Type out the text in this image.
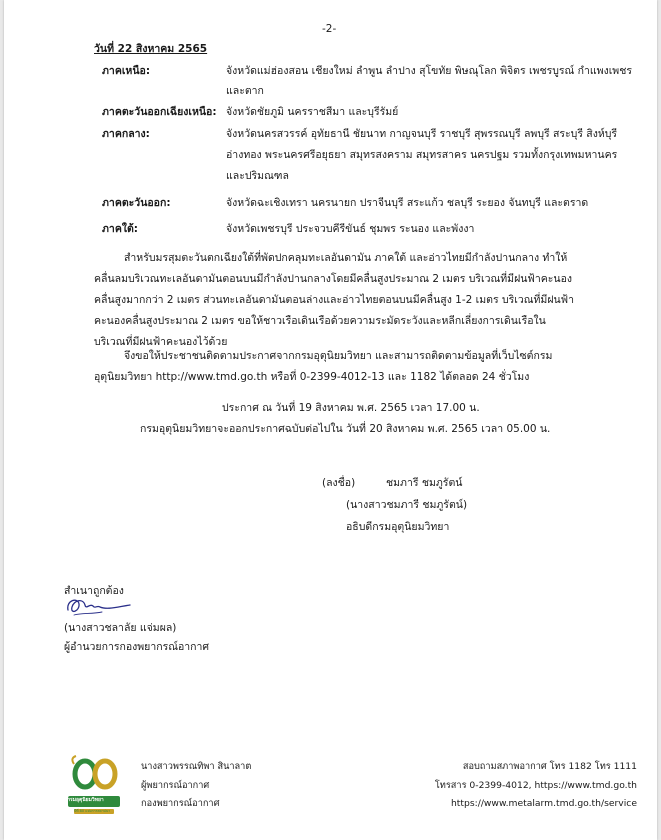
-2-
วันที่ 22 สิงหาคม 2565
ภาคเหนือ:	จังหวัดแม่ฮ่องสอน เชียงใหม่ ลำพูน ลำปาง สุโขทัย พิษณุโลก พิจิตร เพชรบูรณ์ กำแพงเพชร
และตาก
ภาคตะวันออกเฉียงเหนือ: จังหวัดชัยภูมิ นครราชสีมา และบุรีรัมย์
ภาคกลาง:	จังหวัดนครสวรรค์ อุทัยธานี ชัยนาท กาญจนบุรี ราชบุรี สุพรรณบุรี ลพบุรี สระบุรี สิงห์บุรี
อ่างทอง พระนครศรีอยุธยา สมุทรสงคราม สมุทรสาคร นครปฐม รวมทั้งกรุงเทพมหานคร
และปริมณฑล
ภาคตะวันออก:	จังหวัดฉะเชิงเทรา นครนายก ปราจีนบุรี สระแก้ว ชลบุรี ระยอง จันทบุรี และตราด
ภาคใต้:	จังหวัดเพชรบุรี ประจวบคีรีขันธ์ ชุมพร ระนอง และพังงา
สำหรับมรสุมตะวันตกเฉียงใต้ที่พัดปกคลุมทะเลอันดามัน ภาคใต้ และอ่าวไทยมีกำลังปานกลาง ทำให้คลื่นลมบริเวณทะเลอันดามันตอนบนมีกำลังปานกลางโดยมีคลื่นสูงประมาณ 2 เมตร บริเวณที่มีฝนฟ้าคะนองคลื่นสูงมากกว่า 2 เมตร ส่วนทะเลอันดามันตอนล่างและอ่าวไทยตอนบนมีคลื่นสูง 1-2 เมตร บริเวณที่มีฝนฟ้าคะนองคลื่นสูงประมาณ 2 เมตร ขอให้ชาวเรือเดินเรือด้วยความระมัดระวังและหลีกเลี่ยงการเดินเรือในบริเวณที่มีฝนฟ้าคะนองไว้ด้วย
จึงขอให้ประชาชนติดตามประกาศจากกรมอุตุนิยมวิทยา และสามารถติดตามข้อมูลที่เว็บไซต์กรมอุตุนิยมวิทยา http://www.tmd.go.th หรือที่ 0-2399-4012-13 และ 1182 ได้ตลอด 24 ชั่วโมง
ประกาศ ณ วันที่ 19 สิงหาคม พ.ศ. 2565 เวลา 17.00 น.
กรมอุตุนิยมวิทยาจะออกประกาศฉบับต่อไปใน วันที่ 20 สิงหาคม พ.ศ. 2565 เวลา 05.00 น.
(ลงชื่อ)	ชมภารี ชมภูรัตน์
(นางสาวชมภารี ชมภูรัตน์)
อธิบดีกรมอุตุนิยมวิทยา
สำเนาถูกต้อง
(นางสาวชลาลัย แจ่มผล)
ผู้อำนวยการกองพยากรณ์อากาศ
กรมอุตุนิยมวิทยา
ปีที่ 80 แห่งการสถาปนา
นางสาวพรรณทิพา สินาลาต
ผู้พยากรณ์อากาศ
กองพยากรณ์อากาศ
สอบถามสภาพอากาศ โทร 1182 โทร 1111
โทรสาร 0-2399-4012, https://www.tmd.go.th
https://www.metalarm.tmd.go.th/service
